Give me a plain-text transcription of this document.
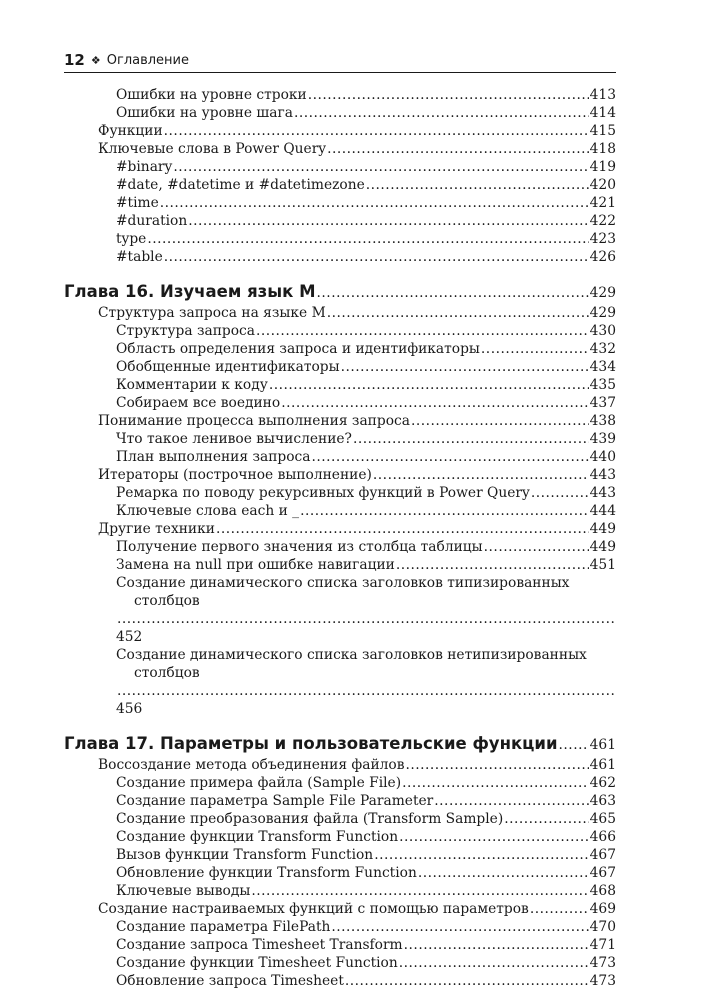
12 ❖ Оглавление
Ошибки на уровне строки .....	413
Ошибки на уровне шага .....	414
Функции .....	415
Ключевые слова в Power Query .....	418
#binary .....	419
#date, #datetime и #datetimezone .....	420
#time .....	421
#duration .....	422
type .....	423
#table .....	426
Глава 16. Изучаем язык M .....	429
Структура запроса на языке M .....	429
Структура запроса .....	430
Область определения запроса и идентификаторы .....	432
Обобщенные идентификаторы .....	434
Комментарии к коду .....	435
Собираем все воедино .....	437
Понимание процесса выполнения запроса .....	438
Что такое ленивое вычисление? .....	439
План выполнения запроса .....	440
Итераторы (построчное выполнение) .....	443
Ремарка по поводу рекурсивных функций в Power Query .....	443
Ключевые слова each и _ .....	444
Другие техники .....	449
Получение первого значения из столбца таблицы .....	449
Замена на null при ошибке навигации .....	451
Создание динамического списка заголовков типизированных
столбцов
.....
452
Создание динамического списка заголовков нетипизированных
столбцов
.....
456
Глава 17. Параметры и пользовательские функции ..... 461
Воссоздание метода объединения файлов .....	461
Создание примера файла (Sample File) .....	462
Создание параметра Sample File Parameter .....	463
Создание преобразования файла (Transform Sample) .....	465
Создание функции Transform Function .....	466
Вызов функции Transform Function .....	467
Обновление функции Transform Function .....	467
Ключевые выводы .....	468
Создание настраиваемых функций с помощью параметров .....	469
Создание параметра FilePath .....	470
Создание запроса Timesheet Transform .....	471
Создание функции Timesheet Function .....	473
Обновление запроса Timesheet .....	473
